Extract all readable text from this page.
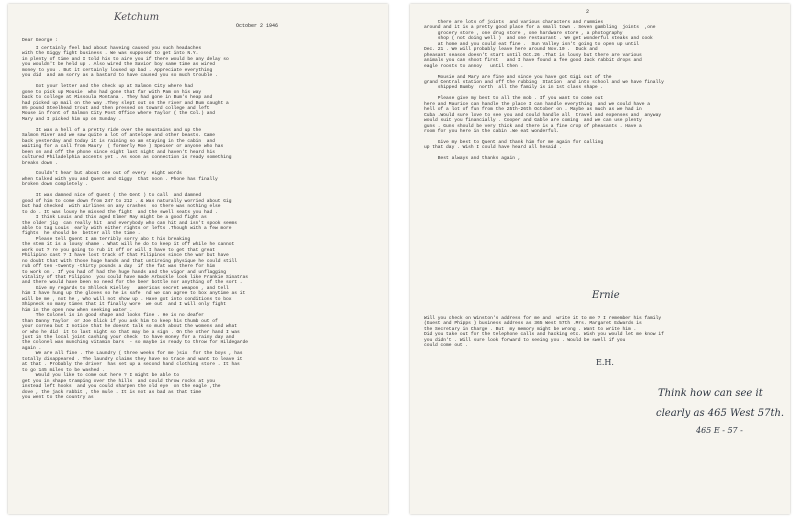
Ketchum
October 2 1946
Dear George :
I certainly feel bad about haveing caused you such headaches
with the Giggy fight business . We was supposed to get into N.Y.
in plenty of time and I told his to aire you if there would be any delay so
you wouldn't be held up . Also wired the Savior boy same time as wired
money to you . But it certainly loused up bad . Appreciate everything
you did  and am sorry as a bastard to have caused you so much trouble .

Got your letter and the check up at Salmon City where had
gone to pick up Mousie  who had gone that far with Pam on his way
back to college at Missoula Montana . They had gone in Bum's heap and
had picked up mail on the way .They slept out on the river and Bum caught a
8½ pound Steelhead trout and then pressed on toward college and left
Mouse in front of Salmon City Post Office where Taylor ( the Col.) and
Mary and I picked him up on Sunday .

It was a hell of a pretty ride over the mountains and up the
Salmon River and we saw quite a lot of antelope and other beasts. Came
back yesterday and today it is raining so am staying in the cabin  and
waiting for a call from Maury  ( formerly Moe ) Speiser or anyone who has
been on and off the phone since eight last night and haven't heard his
cultured Philadelphia accents yet . As soon as connection is ready something
breaks down .

Couldn't hear but about one out of every  eight words
when talked with you and Quent and Giggy  that noon . Phone has finally
broken down completely .

It was damned nice of Quent ( the Gent ) to call  and damned
good of him to come down from 247 to 212 . & Was naturally worried about Gig
but had checked  with airlines on any crashes  so there was nothing else
to do . It was lousy he missed the fight  and the swell seats you had .
I think Louis and this aged Elmer Ray might be a good fight as
the older jig  can really hit  and everybody who can hit and isn't spook seems
able to tag Louis  early with either rights or lefts .Though with a few more
fights  he should be  better all the time .
Please tell Quent I am terribly sorry abo t his breaking
the stem it is a lousy shame . What will he do to keep it off while he cannot
work out ? re you going to rub it off or will I have to get that great
Philipino cast ? I have lost track of that Filipinos since the war but have
no doubt that with those huge hands and that untireing physique he could still
rub off ten -twenty -thirty pounds a day  if the fat was there for him
to work on . If you had of had the huge hands and the vigor and unflagging
vitality of that Filipino  you could have made Arbuckle look like Frankie Sinatras
and there would have been no need for the beer bottle nor anything of the sort .
Give my regards to Shlleck Kielley   americas secret weapon , and tell
him I have hung up the gloves so he is safe  nd we can agree to box anytime as it
will be me , not he , who will not show up . Have got into conditions to box
Shipneck so many times that it finally wore  we out  and I will only fight
him in the open now when seeking water .
The Colonel is in good shape and looks fine . He is no deafer
than Danny Taylor  or Joe Glick if you ask him to keep his thumb out of
your cornea but I notice that he doesnt talk so much about the womens and what
or who he did  it to last night so that may be a sign . On the other hand I was
just in the local joint cashing your check  to have money for a rainy day and
the colonel was munching vitamin bars  - so maybe is ready to throw for Hildegarde
again .
We are all fine . The Laundry ( three weeks for me )six  for the boys , has
totally disappeared . The laundry claims they have no trace and want to leave it
at that . Probably the driver  has set up a second hand clothing store . It has
to go 145 miles to be washed .
Would you like to come out here ? I might be able to
get you in shape tramping over the hills  and could throw rocks at you
instead left hooks  and you could sharpen the old eye  on the eagle ,the
dove , the jack rabbit , the mule . It is not as bad as that time
you went to the country as
2
there are lots of joints  and various characters and rummies
around and it is a pretty good place for a small town . Seven gambling  joints  ,one
grocery store , one drug store , one hardware store , a photography
shop ( not doing well )  and one restaurant . We get wonderful steaks and cook
at home and you could eat fine .  Sun Valley isn't going to open up until
Dec. 21 . We will probably leave here around Nov.10 .  Duck and
pheasant season doesn't start until Oct.26 .That is lousy but there are various
animals you can shoot first   and I have found a fee good Jack rabbit drops and
eagle roosts to annoy   until then .

Mousie and Mary are fine and since you have got Gigi out of the
grand Central station and off the rubbing  Station  and into school and we have finally
shipped Bumby  north  all the family is in 1st class shape .

Please give my best to all the mob . If you want to come out
here and Maurice can handle the place I can handle everything  and we could have a
hell of a lot of fun from the 25th-26th October on . Maybe as much as we had in
Cuba .Would sure love to see you and could handle all  travel and expenses and  anyway
would suit you financially . Cooper and Gable are coming  and we can use plenty
guns . Guns should be very thick and there is a fine crop of pheasants . Have a
room for you here in the cabin .We eat wonderful.

Give my best to Quent and thank him for me again for calling
up that day . Wish I could have heard all hesaid .

Best always and thanks again ,
Ernie
Will you check on Winston's address for me and  write it to me ? I remember his family
(Guest and Phipps ) business address as 365 West 57th .Mrs. Margaret Edwards is
the Secretary in Charge . But  my memory might be wrong . Want to write him .
Did you take out for the telephone calls and hacking etc. Wish you would let me know if
you didn't . Will sure look forward to seeing you . Would be swell if you
could come out .
E.H.
Think how can see it
clearly as 465 West 57th.
465 E - 57 -
